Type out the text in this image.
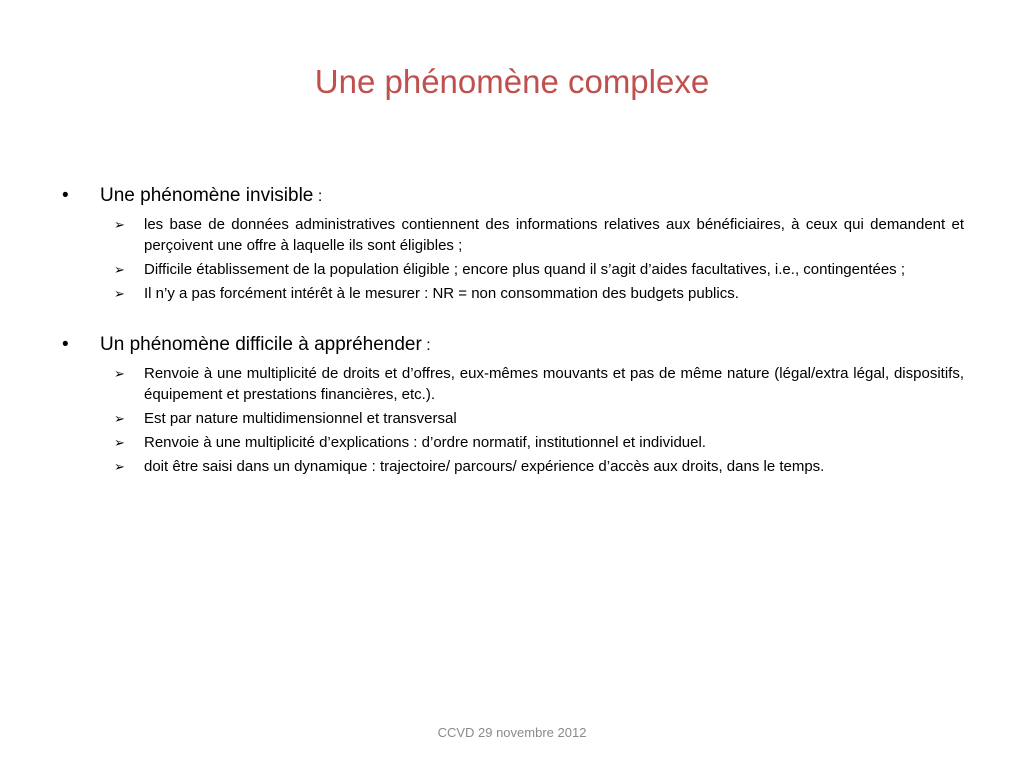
Une phénomène complexe
•	Une phénomène invisible :
➢	les base de données administratives contiennent des informations relatives aux bénéficiaires, à ceux qui demandent et perçoivent une offre à laquelle ils sont éligibles ;
➢	Difficile établissement de la population éligible ; encore plus quand il s’agit d’aides facultatives, i.e., contingentées ;
➢	Il n’y a pas forcément intérêt à le mesurer : NR = non consommation des budgets publics.
•	Un phénomène difficile à appréhender :
➢	Renvoie à une multiplicité de droits et d’offres, eux-mêmes mouvants et pas de même nature (légal/extra légal, dispositifs, équipement et prestations financières, etc.).
➢	Est par nature multidimensionnel et transversal
➢	Renvoie à une multiplicité d’explications : d’ordre normatif, institutionnel et individuel.
➢	doit être saisi dans un dynamique : trajectoire/ parcours/ expérience d’accès aux droits, dans le temps.
CCVD 29 novembre 2012
